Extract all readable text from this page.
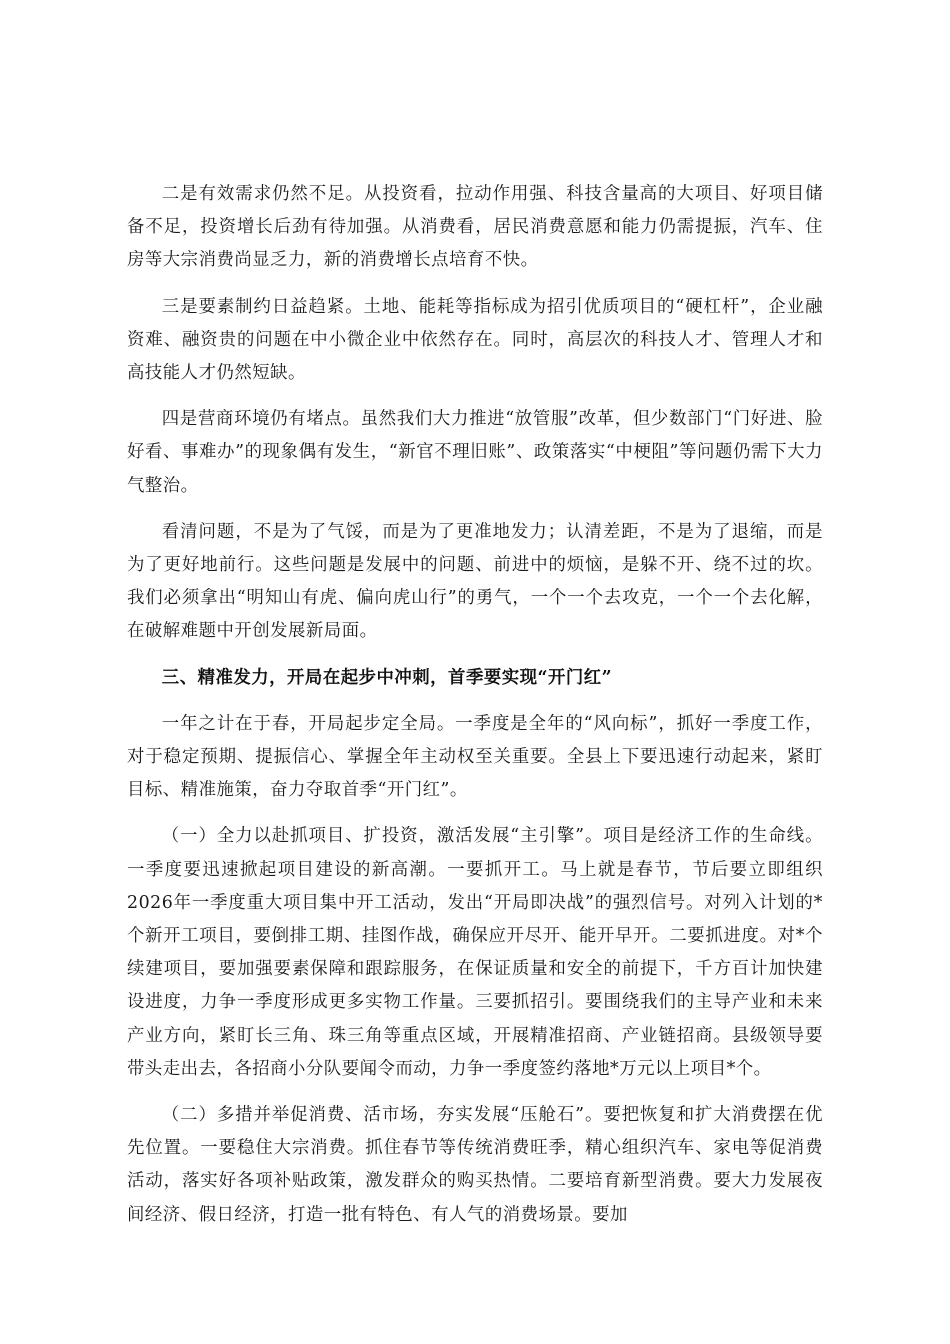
二是有效需求仍然不足。从投资看，拉动作用强、科技含量高的大项目、好项目储备不足，投资增长后劲有待加强。从消费看，居民消费意愿和能力仍需提振，汽车、住房等大宗消费尚显乏力，新的消费增长点培育不快。

三是要素制约日益趋紧。土地、能耗等指标成为招引优质项目的“硬杠杆”，企业融资难、融资贵的问题在中小微企业中依然存在。同时，高层次的科技人才、管理人才和高技能人才仍然短缺。

四是营商环境仍有堵点。虽然我们大力推进“放管服”改革，但少数部门“门好进、脸好看、事难办”的现象偶有发生，“新官不理旧账”、政策落实“中梗阻”等问题仍需下大力气整治。

看清问题，不是为了气馁，而是为了更准地发力；认清差距，不是为了退缩，而是为了更好地前行。这些问题是发展中的问题、前进中的烦恼，是躲不开、绕不过的坎。我们必须拿出“明知山有虎、偏向虎山行”的勇气，一个一个去攻克，一个一个去化解，在破解难题中开创发展新局面。

三、精准发力，开局在起步中冲刺，首季要实现“开门红”

一年之计在于春，开局起步定全局。一季度是全年的“风向标”，抓好一季度工作，对于稳定预期、提振信心、掌握全年主动权至关重要。全县上下要迅速行动起来，紧盯目标、精准施策，奋力夺取首季“开门红”。

（一）全力以赴抓项目、扩投资，激活发展“主引擎”。项目是经济工作的生命线。一季度要迅速掀起项目建设的新高潮。一要抓开工。马上就是春节，节后要立即组织2026年一季度重大项目集中开工活动，发出“开局即决战”的强烈信号。对列入计划的*个新开工项目，要倒排工期、挂图作战，确保应开尽开、能开早开。二要抓进度。对*个续建项目，要加强要素保障和跟踪服务，在保证质量和安全的前提下，千方百计加快建设进度，力争一季度形成更多实物工作量。三要抓招引。要围绕我们的主导产业和未来产业方向，紧盯长三角、珠三角等重点区域，开展精准招商、产业链招商。县级领导要带头走出去，各招商小分队要闻令而动，力争一季度签约落地*万元以上项目*个。

（二）多措并举促消费、活市场，夯实发展“压舱石”。要把恢复和扩大消费摆在优先位置。一要稳住大宗消费。抓住春节等传统消费旺季，精心组织汽车、家电等促消费活动，落实好各项补贴政策，激发群众的购买热情。二要培育新型消费。要大力发展夜间经济、假日经济，打造一批有特色、有人气的消费场景。要加
